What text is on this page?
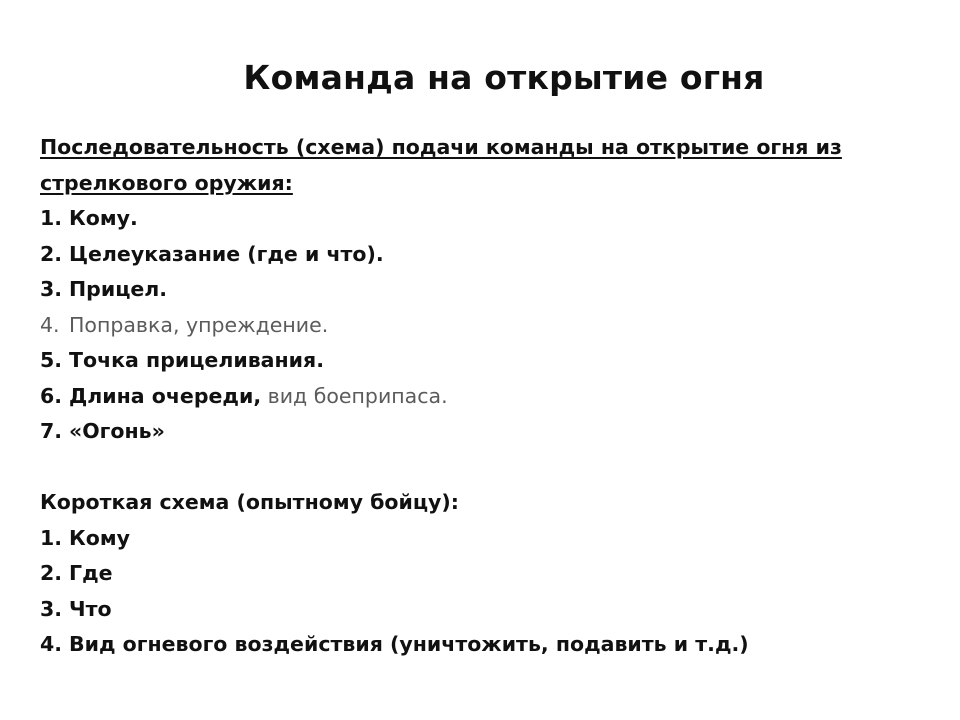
Команда на открытие огня
Последовательность (схема) подачи команды на открытие огня из
стрелкового оружия:
1. Кому.
2. Целеуказание (где и что).
3. Прицел.
4. Поправка, упреждение.
5. Точка прицеливания.
6. Длина очереди, вид боеприпаса.
7. «Огонь»
Короткая схема (опытному бойцу):
1. Кому
2. Где
3. Что
4. Вид огневого воздействия (уничтожить, подавить и т.д.)
